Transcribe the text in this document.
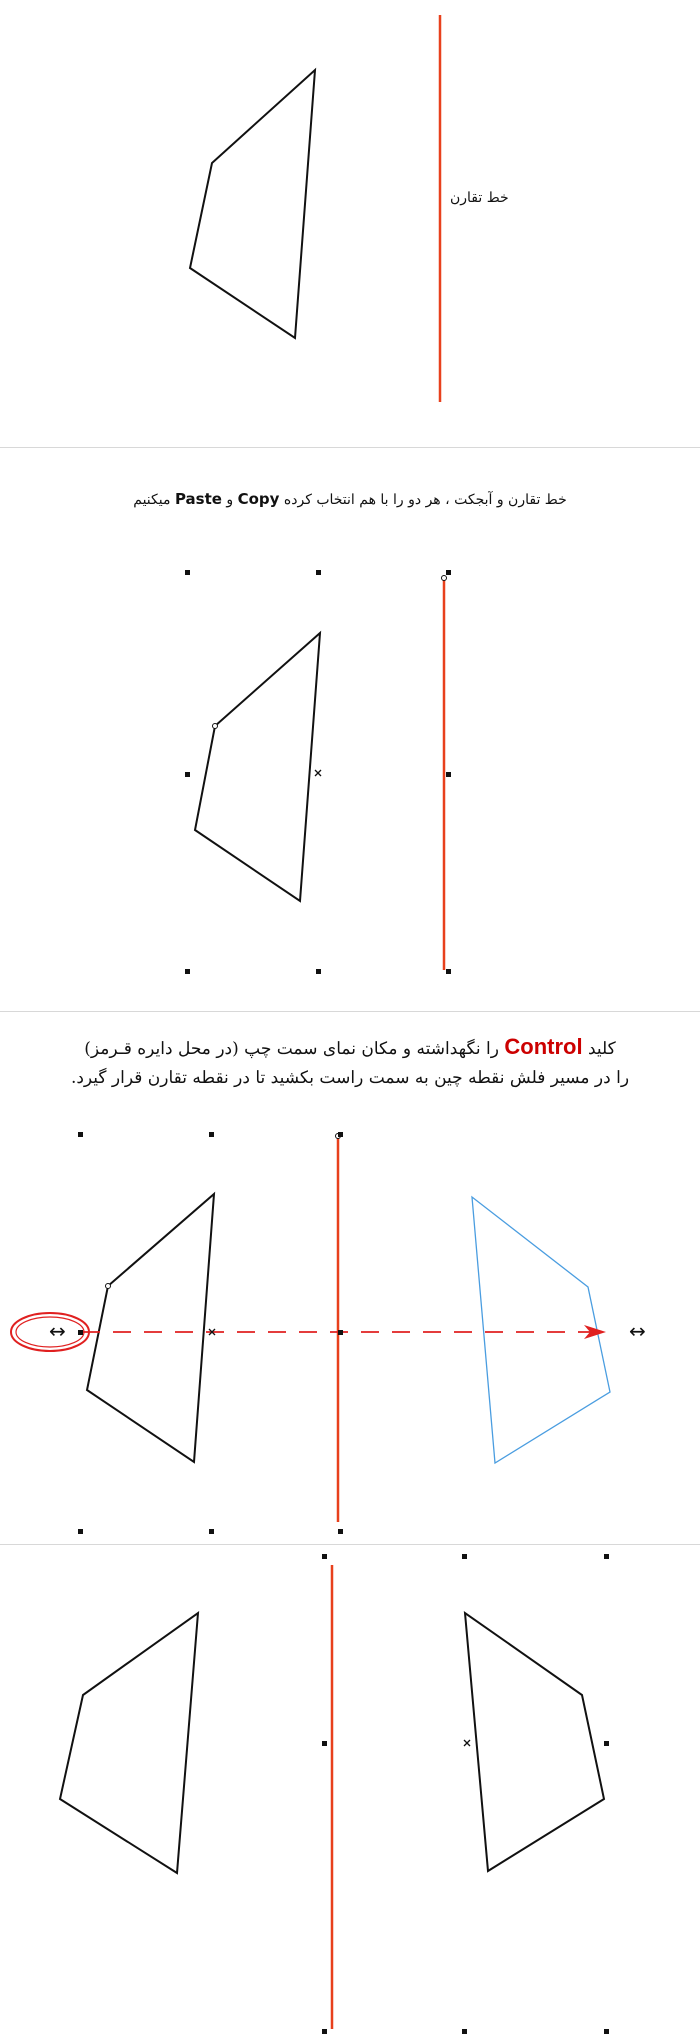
خط تقارن
خط تقارن و آبجکت ، هر دو را با هم انتخاب کرده Copy و Paste میکنیم
کلید Control را نگهداشته و مکان نمای سمت چپ (در محل دایره قـرمز)
را در مسیر فلش نقطه چین به سمت راست بکشید تا در نقطه تقارن قرار گیرد.
↔	↔
